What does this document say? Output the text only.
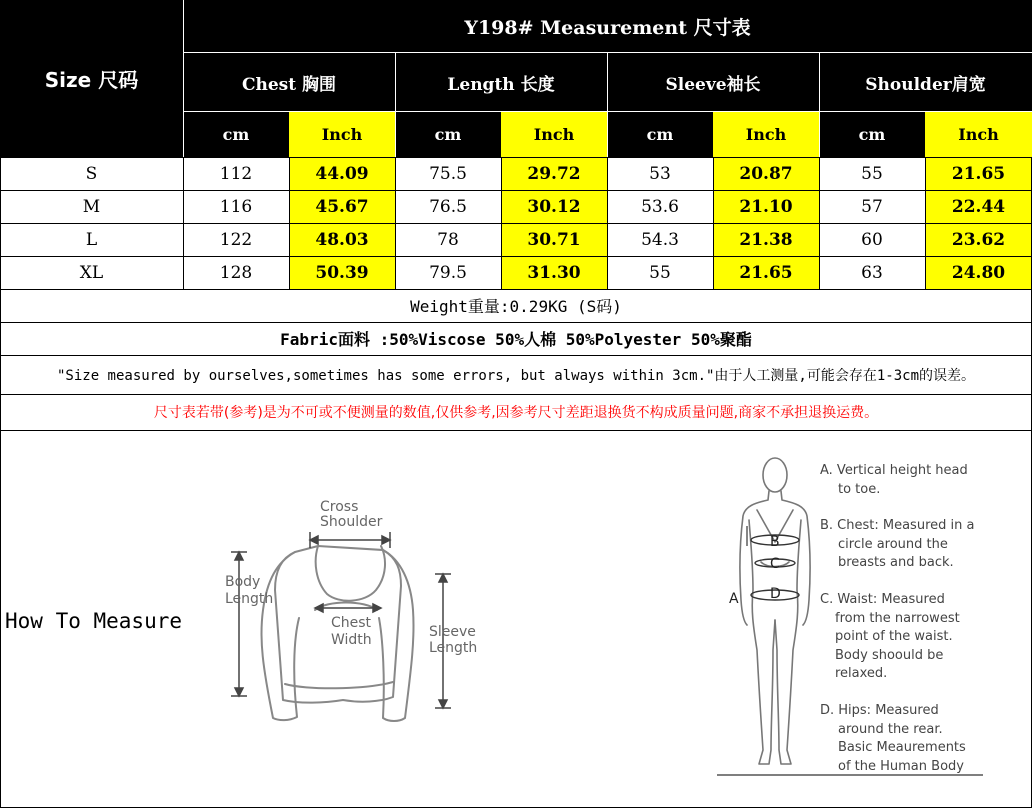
Size 尺码
Y198# Measurement 尺寸表
Chest 胸围	Length 长度	Sleeve袖长	Shoulder肩宽
cm	Inch	cm	Inch	cm	Inch	cm	Inch
S	112	44.09	75.5	29.72	53	20.87	55	21.65
M	116	45.67	76.5	30.12	53.6	21.10	57	22.44
L	122	48.03	78	30.71	54.3	21.38	60	23.62
XL	128	50.39	79.5	31.30	55	21.65	63	24.80
Weight重量:0.29KG (S码)
Fabric面料 :50%Viscose 50%人棉 50%Polyester 50%聚酯
"Size measured by ourselves,sometimes has some errors, but always within 3cm."由于人工测量,可能会存在1-3cm的误差。
尺寸表若带(参考)是为不可或不便测量的数值,仅供参考,因参考尺寸差距退换货不构成质量问题,商家不承担退换运费。
How To Measure
Cross
Shoulder
Body
Length
Chest
Width	Sleeve
Length
A
B
C
D
A. Vertical height head
to toe.
B. Chest: Measured in a
circle around the
breasts and back.
C. Waist: Measured
from the narrowest
point of the waist.
Body shoould be
relaxed.
D. Hips: Measured
around the rear.
Basic Meaurements
of the Human Body
